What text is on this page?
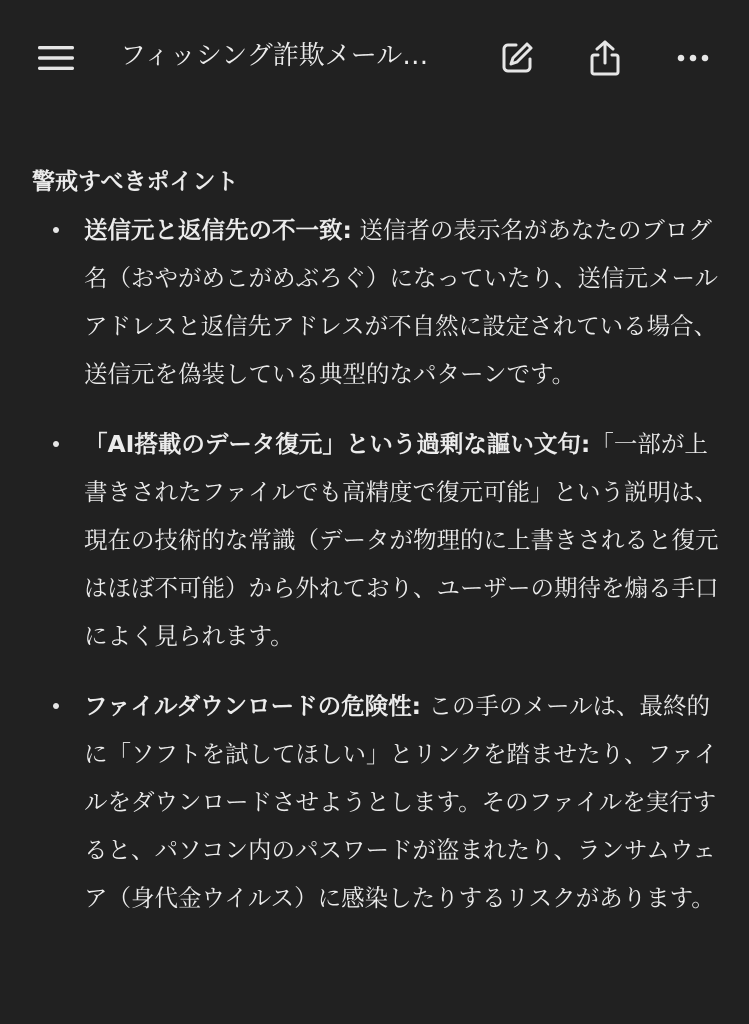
フィッシング詐欺メール…
警戒すべきポイント
送信元と返信先の不一致: 送信者の表示名があなたのブログ名（おやがめこがめぶろぐ）になっていたり、送信元メールアドレスと返信先アドレスが不自然に設定されている場合、送信元を偽装している典型的なパターンです。
「AI搭載のデータ復元」という過剰な謳い文句:「一部が上書きされたファイルでも高精度で復元可能」という説明は、現在の技術的な常識（データが物理的に上書きされると復元はほぼ不可能）から外れており、ユーザーの期待を煽る手口によく見られます。
ファイルダウンロードの危険性: この手のメールは、最終的に「ソフトを試してほしい」とリンクを踏ませたり、ファイルをダウンロードさせようとします。そのファイルを実行すると、パソコン内のパスワードが盗まれたり、ランサムウェア（身代金ウイルス）に感染したりするリスクがあります。
